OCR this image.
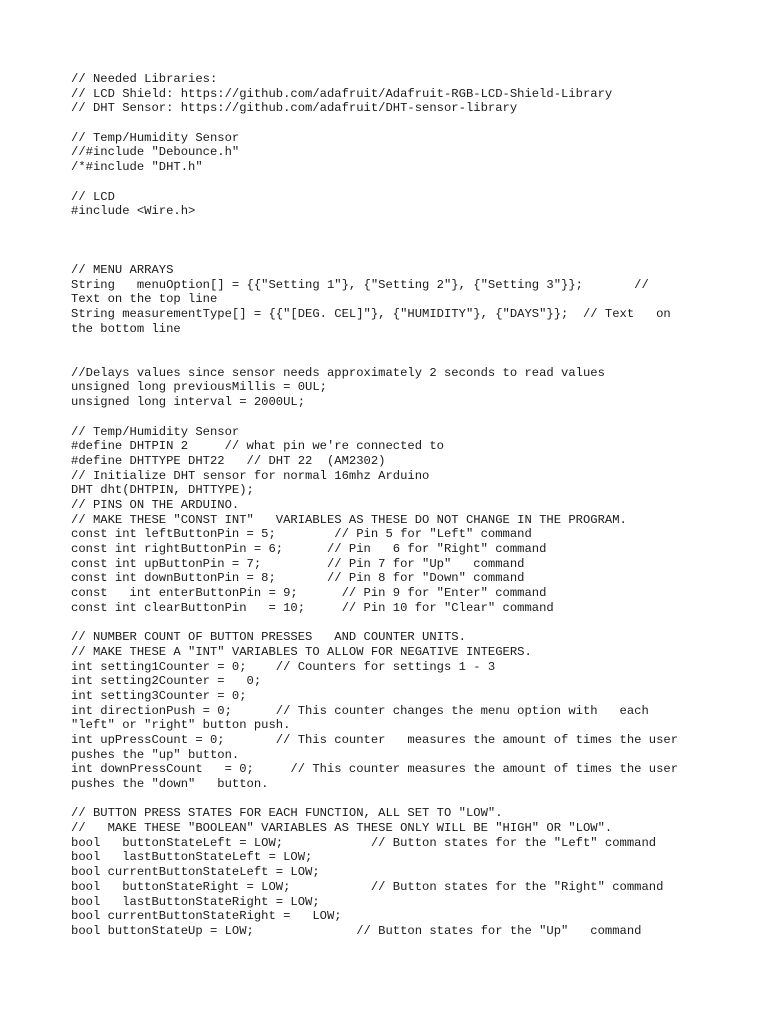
// Needed Libraries:
// LCD Shield: https://github.com/adafruit/Adafruit-RGB-LCD-Shield-Library
// DHT Sensor: https://github.com/adafruit/DHT-sensor-library
// Temp/Humidity Sensor
//#include "Debounce.h"
/*#include "DHT.h"
// LCD
#include <Wire.h>
// MENU ARRAYS
String   menuOption[] = {{"Setting 1"}, {"Setting 2"}, {"Setting 3"}};       //
Text on the top line
String measurementType[] = {{"[DEG. CEL]"}, {"HUMIDITY"}, {"DAYS"}};  // Text   on
the bottom line
//Delays values since sensor needs approximately 2 seconds to read values
unsigned long previousMillis = 0UL;
unsigned long interval = 2000UL;
// Temp/Humidity Sensor
#define DHTPIN 2     // what pin we're connected to
#define DHTTYPE DHT22   // DHT 22  (AM2302)
// Initialize DHT sensor for normal 16mhz Arduino
DHT dht(DHTPIN, DHTTYPE);
// PINS ON THE ARDUINO.
// MAKE THESE "CONST INT"   VARIABLES AS THESE DO NOT CHANGE IN THE PROGRAM.
const int leftButtonPin = 5;        // Pin 5 for "Left" command
const int rightButtonPin = 6;      // Pin   6 for "Right" command
const int upButtonPin = 7;         // Pin 7 for "Up"   command
const int downButtonPin = 8;       // Pin 8 for "Down" command
const   int enterButtonPin = 9;      // Pin 9 for "Enter" command
const int clearButtonPin   = 10;     // Pin 10 for "Clear" command
// NUMBER COUNT OF BUTTON PRESSES   AND COUNTER UNITS.
// MAKE THESE A "INT" VARIABLES TO ALLOW FOR NEGATIVE INTEGERS.
int setting1Counter = 0;    // Counters for settings 1 - 3
int setting2Counter =   0;
int setting3Counter = 0;
int directionPush = 0;      // This counter changes the menu option with   each
"left" or "right" button push.
int upPressCount = 0;       // This counter   measures the amount of times the user
pushes the "up" button.
int downPressCount   = 0;     // This counter measures the amount of times the user
pushes the "down"   button.
// BUTTON PRESS STATES FOR EACH FUNCTION, ALL SET TO "LOW".
//   MAKE THESE "BOOLEAN" VARIABLES AS THESE ONLY WILL BE "HIGH" OR "LOW".
bool   buttonStateLeft = LOW;            // Button states for the "Left" command
bool   lastButtonStateLeft = LOW;
bool currentButtonStateLeft = LOW;
bool   buttonStateRight = LOW;           // Button states for the "Right" command
bool   lastButtonStateRight = LOW;
bool currentButtonStateRight =   LOW;
bool buttonStateUp = LOW;              // Button states for the "Up"   command
